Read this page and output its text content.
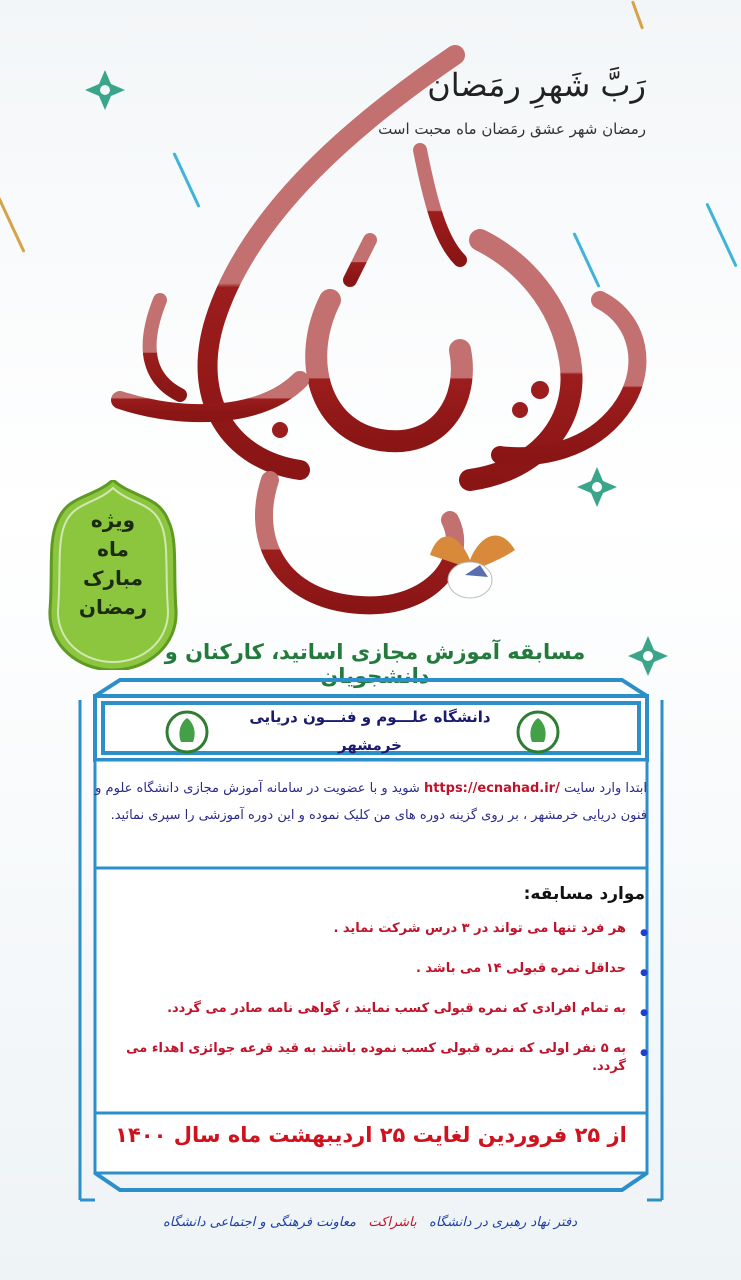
رَبَّ شَهرِ رمَضان
رمضان شهر عشق رمَضان ماه محبت است
ویژه
ماه
مبارک
رمضان
مسابقه آموزش مجازی اساتید، کارکنان و دانشجویان
دانشگاه علـــوم و فنـــون دریایی
خرمشهر
ابتدا وارد سایت https://ecnahad.ir/ شوید و با عضویت در سامانه آموزش مجازی دانشگاه علوم و فنون دریایی خرمشهر ، بر روی گزینه دوره های من کلیک نموده و این دوره آموزشی را سپری نمائید.
موارد مسابقه:
● هر فرد تنها می تواند در ۳ درس شرکت نماید .
● حداقل نمره قبولی ۱۴ می باشد .
● به تمام افرادی که نمره قبولی کسب نمایند ، گواهی نامه صادر می گردد.
● به ۵ نفر اولی که نمره قبولی کسب نموده باشند به قید قرعه جوائزی اهداء می گردد.
از ۲۵ فروردین لغایت ۲۵ اردیبهشت ماه سال ۱۴۰۰
دفتر نهاد رهبری در دانشگاه   باشراکت   معاونت فرهنگی و اجتماعی دانشگاه
